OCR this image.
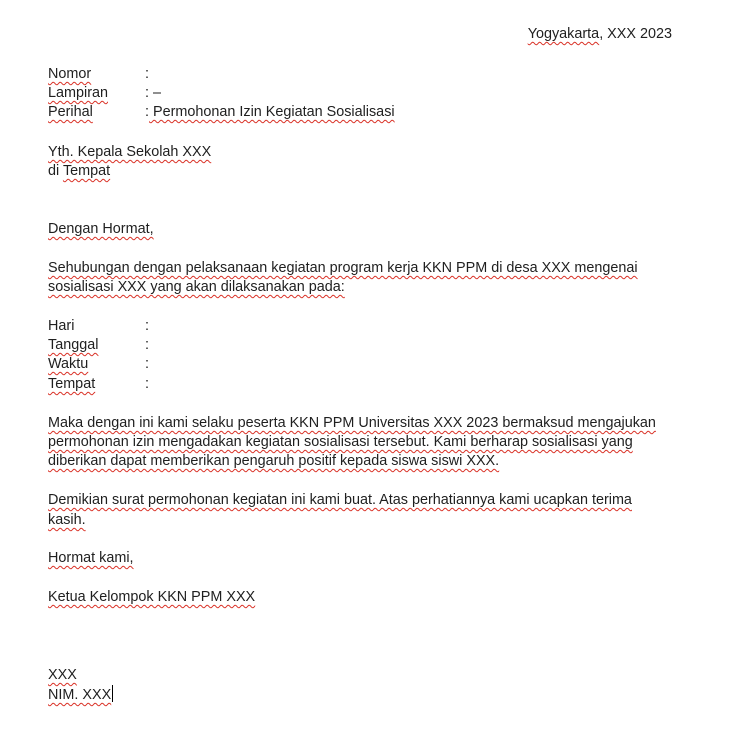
Yogyakarta, XXX 2023
Nomor	:
Lampiran	: –
Perihal	: Permohonan Izin Kegiatan Sosialisasi
Yth. Kepala Sekolah XXX
di Tempat
Dengan Hormat,
Sehubungan dengan pelaksanaan kegiatan program kerja KKN PPM di desa XXX mengenai
sosialisasi XXX yang akan dilaksanakan pada:
Hari	:
Tanggal	:
Waktu	:
Tempat	:
Maka dengan ini kami selaku peserta KKN PPM Universitas XXX 2023 bermaksud mengajukan
permohonan izin mengadakan kegiatan sosialisasi tersebut. Kami berharap sosialisasi yang
diberikan dapat memberikan pengaruh positif kepada siswa siswi XXX.
Demikian surat permohonan kegiatan ini kami buat. Atas perhatiannya kami ucapkan terima
kasih.
Hormat kami,
Ketua Kelompok KKN PPM XXX
XXX
NIM. XXX
